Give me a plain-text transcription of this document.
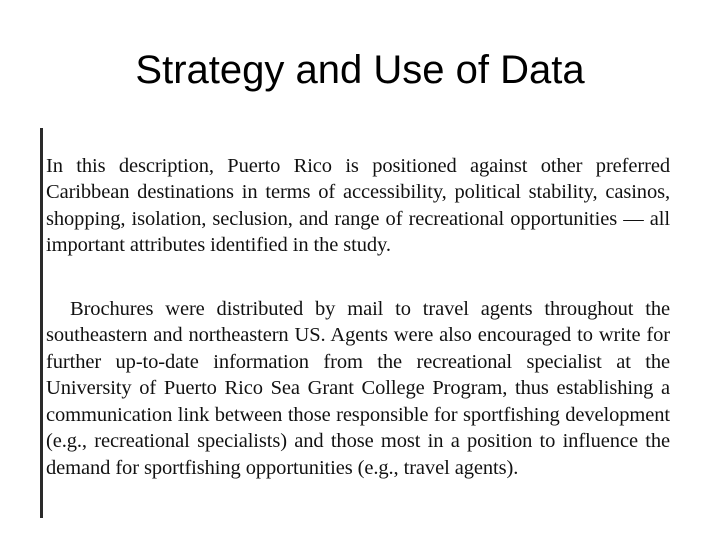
Strategy and Use of Data

In this description, Puerto Rico is positioned against other preferred Caribbean destinations in terms of accessibility, political stability, casinos, shopping, isolation, seclusion, and range of recreational opportunities — all important attributes identified in the study.

Brochures were distributed by mail to travel agents throughout the southeastern and northeastern US. Agents were also encouraged to write for further up-to-date information from the recreational specialist at the University of Puerto Rico Sea Grant College Program, thus establishing a communication link between those responsible for sportfishing development (e.g., recreational specialists) and those most in a position to influence the demand for sportfishing opportunities (e.g., travel agents).
